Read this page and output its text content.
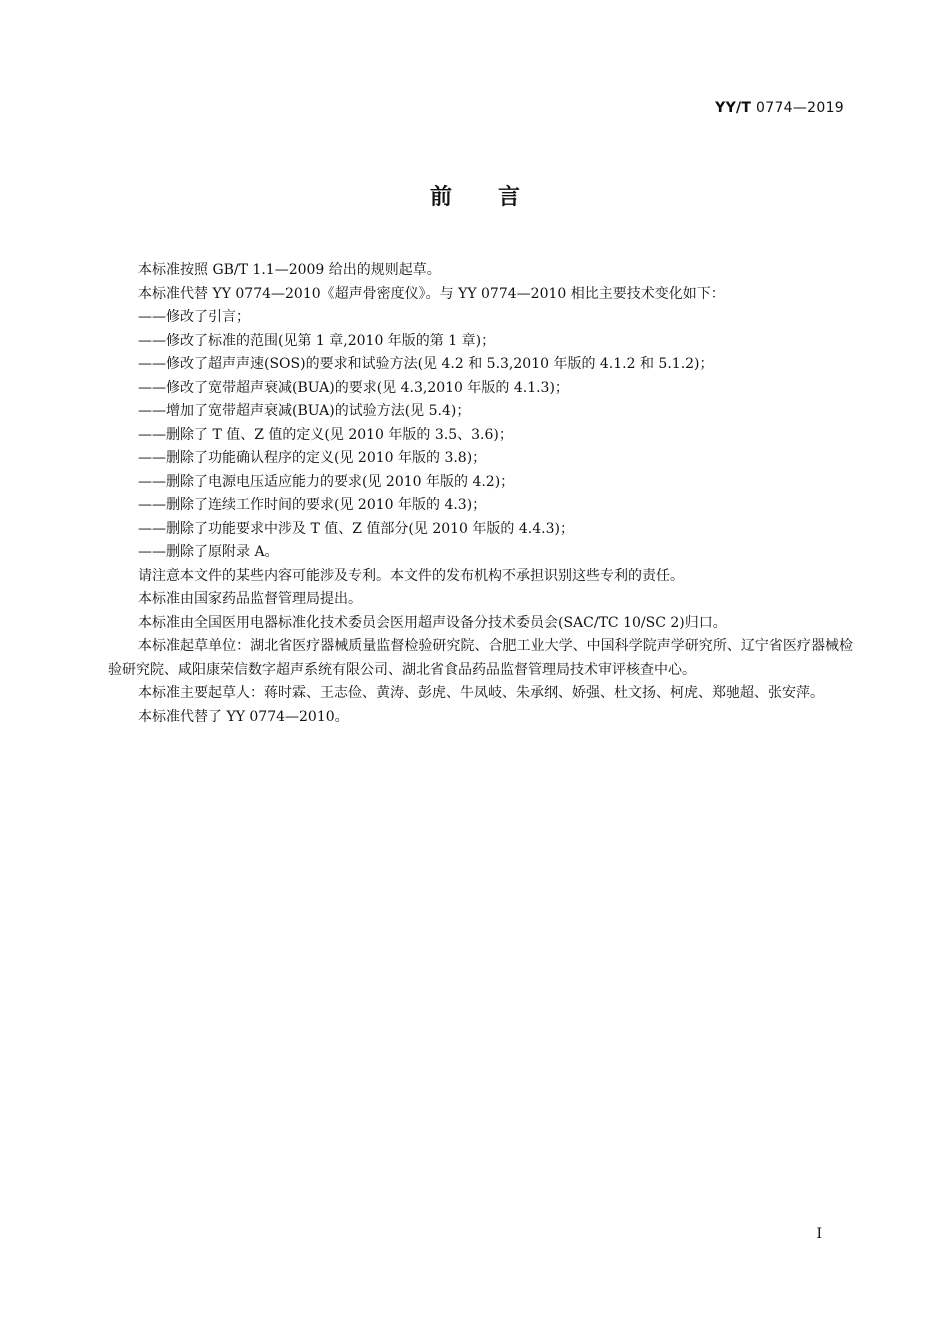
YY/T 0774—2019
前言

本标准按照 GB/T 1.1—2009 给出的规则起草。

本标准代替 YY 0774—2010《超声骨密度仪》。与 YY 0774—2010 相比主要技术变化如下：

——修改了引言；

——修改了标准的范围(见第 1 章,2010 年版的第 1 章)；

——修改了超声声速(SOS)的要求和试验方法(见 4.2 和 5.3,2010 年版的 4.1.2 和 5.1.2)；

——修改了宽带超声衰减(BUA)的要求(见 4.3,2010 年版的 4.1.3)；

——增加了宽带超声衰减(BUA)的试验方法(见 5.4)；

——删除了 T 值、Z 值的定义(见 2010 年版的 3.5、3.6)；

——删除了功能确认程序的定义(见 2010 年版的 3.8)；

——删除了电源电压适应能力的要求(见 2010 年版的 4.2)；

——删除了连续工作时间的要求(见 2010 年版的 4.3)；

——删除了功能要求中涉及 T 值、Z 值部分(见 2010 年版的 4.4.3)；

——删除了原附录 A。

请注意本文件的某些内容可能涉及专利。本文件的发布机构不承担识别这些专利的责任。

本标准由国家药品监督管理局提出。

本标准由全国医用电器标准化技术委员会医用超声设备分技术委员会(SAC/TC 10/SC 2)归口。

本标准起草单位：湖北省医疗器械质量监督检验研究院、合肥工业大学、中国科学院声学研究所、辽宁省医疗器械检验研究院、咸阳康荣信数字超声系统有限公司、湖北省食品药品监督管理局技术审评核查中心。

本标准主要起草人：蒋时霖、王志俭、黄涛、彭虎、牛凤岐、朱承纲、娇强、杜文扬、柯虎、郑驰超、张安萍。

本标准代替了 YY 0774—2010。

I
